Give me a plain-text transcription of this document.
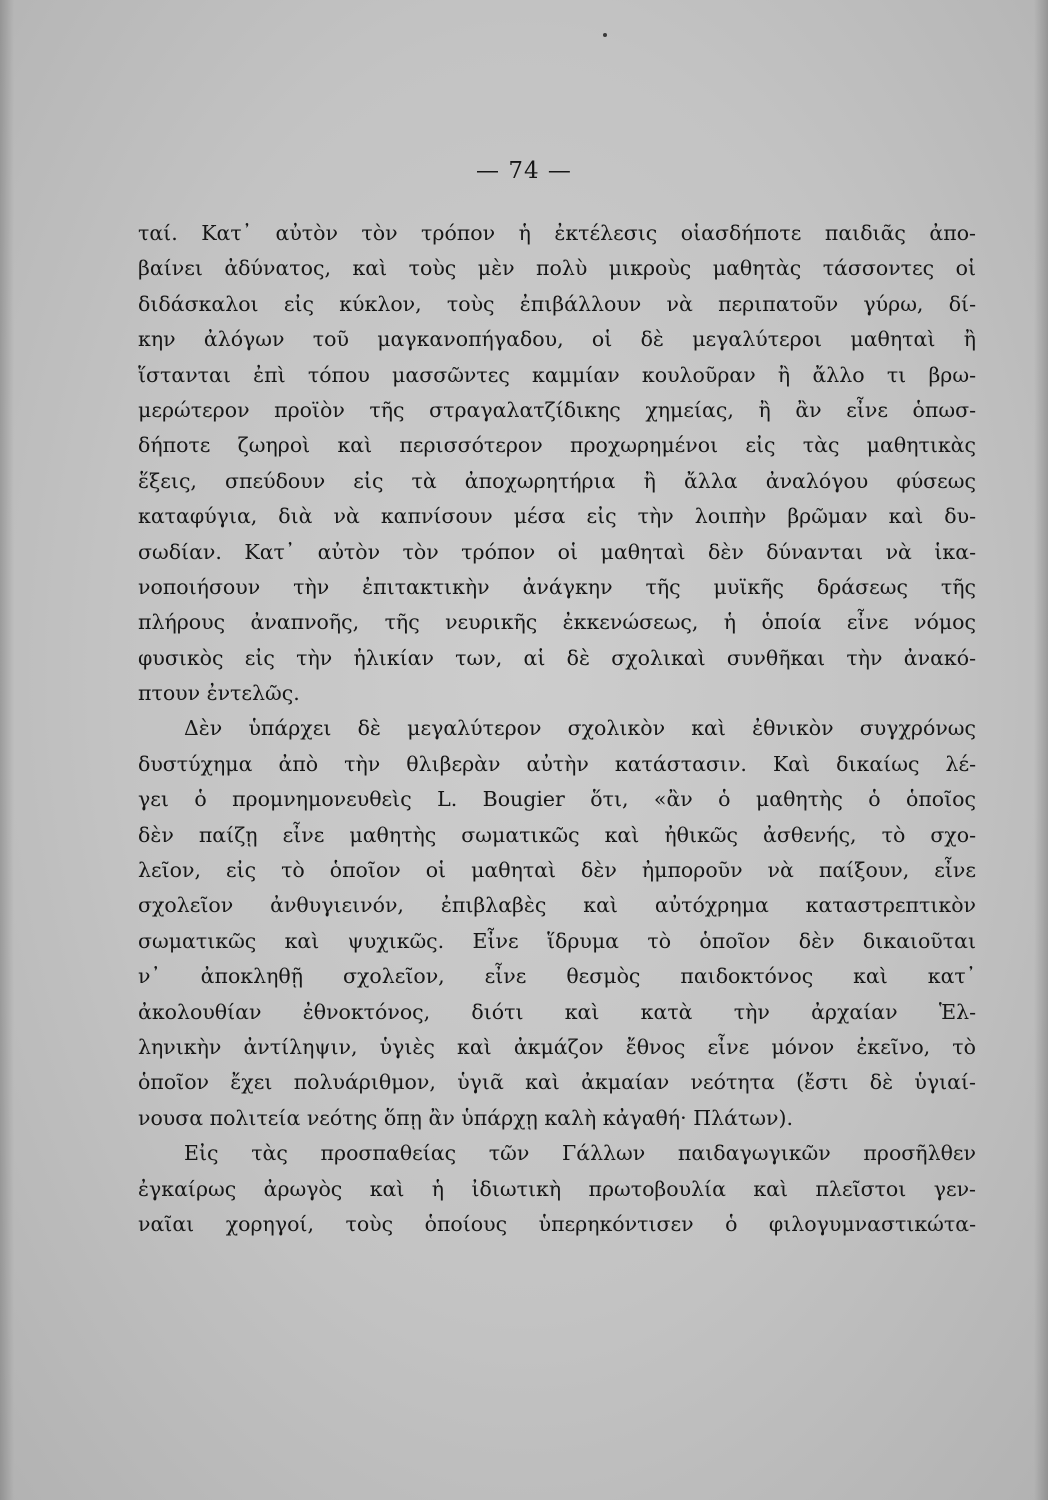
— 74 —
ταί. Κατ᾽ αὐτὸν τὸν τρόπον ἡ ἐκτέλεσις οἱασδήποτε παιδιᾶς ἀπο-
βαίνει ἀδύνατος, καὶ τοὺς μὲν πολὺ μικροὺς μαθητὰς τάσσοντες οἱ
διδάσκαλοι εἰς κύκλον, τοὺς ἐπιβάλλουν νὰ περιπατοῦν γύρω, δί-
κην ἀλόγων τοῦ μαγκανοπήγαδου, οἱ δὲ μεγαλύτεροι μαθηταὶ ἢ
ἵστανται ἐπὶ τόπου μασσῶντες καμμίαν κουλοῦραν ἢ ἄλλο τι βρω-
μερώτερον προϊὸν τῆς στραγαλατζίδικης χημείας, ἢ ἂν εἶνε ὁπωσ-
δήποτε ζωηροὶ καὶ περισσότερον προχωρημένοι εἰς τὰς μαθητικὰς
ἕξεις, σπεύδουν εἰς τὰ ἀποχωρητήρια ἢ ἄλλα ἀναλόγου φύσεως
καταφύγια, διὰ νὰ καπνίσουν μέσα εἰς τὴν λοιπὴν βρῶμαν καὶ δυ-
σωδίαν. Κατ᾽ αὐτὸν τὸν τρόπον οἱ μαθηταὶ δὲν δύνανται νὰ ἱκα-
νοποιήσουν τὴν ἐπιτακτικὴν ἀνάγκην τῆς μυϊκῆς δράσεως τῆς
πλήρους ἀναπνοῆς, τῆς νευρικῆς ἐκκενώσεως, ἡ ὁποία εἶνε νόμος
φυσικὸς εἰς τὴν ἡλικίαν των, αἱ δὲ σχολικαὶ συνθῆκαι τὴν ἀνακό-
πτουν ἐντελῶς.
Δὲν ὑπάρχει δὲ μεγαλύτερον σχολικὸν καὶ ἐθνικὸν συγχρόνως
δυστύχημα ἀπὸ τὴν θλιβερὰν αὐτὴν κατάστασιν. Καὶ δικαίως λέ-
γει ὁ προμνημονευθεὶς L. Bougier ὅτι, «ἂν ὁ μαθητὴς ὁ ὁποῖος
δὲν παίζῃ εἶνε μαθητὴς σωματικῶς καὶ ἠθικῶς ἀσθενής, τὸ σχο-
λεῖον, εἰς τὸ ὁποῖον οἱ μαθηταὶ δὲν ἠμποροῦν νὰ παίξουν, εἶνε
σχολεῖον ἀνθυγιεινόν, ἐπιβλαβὲς καὶ αὐτόχρημα καταστρεπτικὸν
σωματικῶς καὶ ψυχικῶς. Εἶνε ἵδρυμα τὸ ὁποῖον δὲν δικαιοῦται
ν᾽ ἀποκληθῇ σχολεῖον, εἶνε θεσμὸς παιδοκτόνος καὶ κατ᾽
ἀκολουθίαν ἐθνοκτόνος, διότι καὶ κατὰ τὴν ἀρχαίαν Ἑλ-
ληνικὴν ἀντίληψιν, ὑγιὲς καὶ ἀκμάζον ἔθνος εἶνε μόνον ἐκεῖνο, τὸ
ὁποῖον ἔχει πολυάριθμον, ὑγιᾶ καὶ ἀκμαίαν νεότητα (ἔστι δὲ ὑγιαί-
νουσα πολιτεία νεότης ὅπῃ ἂν ὑπάρχῃ καλὴ κἀγαθή· Πλάτων).
Εἰς τὰς προσπαθείας τῶν Γάλλων παιδαγωγικῶν προσῆλθεν
ἐγκαίρως ἀρωγὸς καὶ ἡ ἰδιωτικὴ πρωτοβουλία καὶ πλεῖστοι γεν-
ναῖαι χορηγοί, τοὺς ὁποίους ὑπερηκόντισεν ὁ φιλογυμναστικώτα-
